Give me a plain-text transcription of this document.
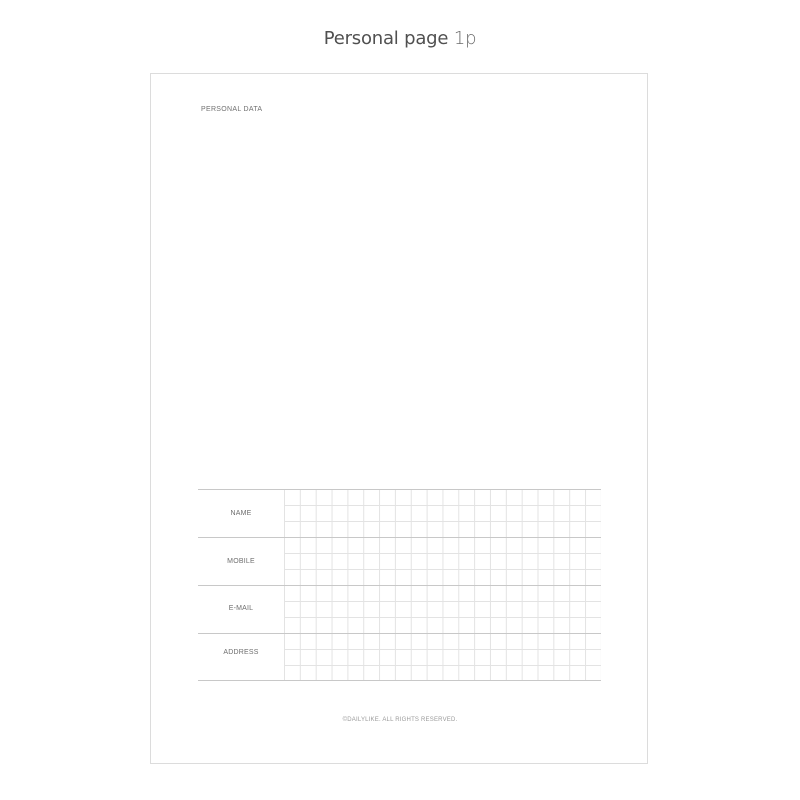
Personal page 1p
PERSONAL DATA
NAME
MOBILE
E-MAIL
ADDRESS
©DAILYLIKE. ALL RIGHTS RESERVED.
